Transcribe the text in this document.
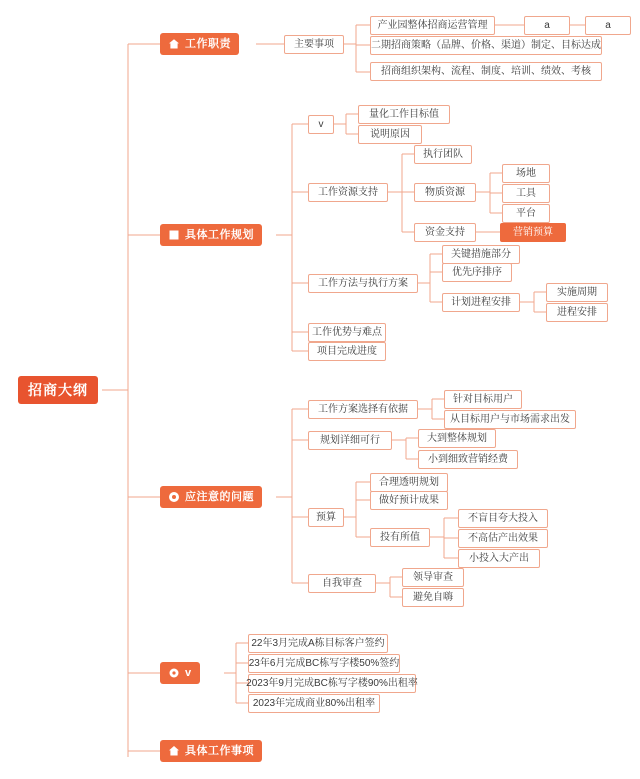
招商大纲
工作职责	主要事项
产业园整体招商运营管理	a	a
二期招商策略（品牌、价格、渠道）制定、目标达成
招商组织架构、流程、制度、培训、绩效、考核
具体工作规划
v
量化工作目标值
说明原因
工作资源支持
执行团队
物质资源
场地
工具
平台
资金支持	营销预算
工作方法与执行方案
关键措施部分
优先序排序
计划进程安排
实施周期
进程安排
工作优势与难点
项目完成进度
应注意的问题
工作方案选择有依据
针对目标用户
从目标用户与市场需求出发
规划详细可行	大到整体规划
小到细致营销经费
预算
合理透明规划
做好预计成果
投有所值
不盲目夸大投入
不高估产出效果
小投入大产出
自我审查
领导审查
避免自嗨
v
22年3月完成A栋目标客户签约
23年6月完成BC栋写字楼50%签约
2023年9月完成BC栋写字楼90%出租率
2023年完成商业80%出租率
具体工作事项
